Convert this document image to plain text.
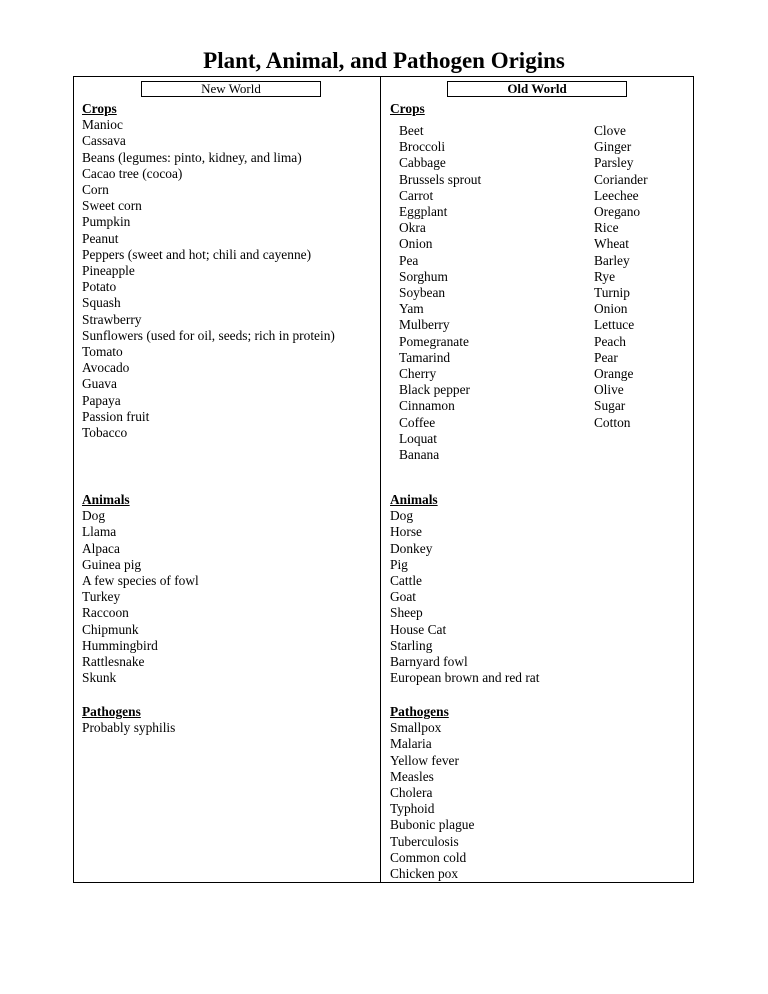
Plant, Animal, and Pathogen Origins
New World	Old World
Crops
Manioc
Cassava
Beans (legumes: pinto, kidney, and lima)
Cacao tree (cocoa)
Corn
Sweet corn
Pumpkin
Peanut
Peppers (sweet and hot; chili and cayenne)
Pineapple
Potato
Squash
Strawberry
Sunflowers (used for oil, seeds; rich in protein)
Tomato
Avocado
Guava
Papaya
Passion fruit
Tobacco
Animals
Dog
Llama
Alpaca
Guinea pig
A few species of fowl
Turkey
Raccoon
Chipmunk
Hummingbird
Rattlesnake
Skunk
Pathogens
Probably syphilis
Crops
Beet
Broccoli
Cabbage
Brussels sprout
Carrot
Eggplant
Okra
Onion
Pea
Sorghum
Soybean
Yam
Mulberry
Pomegranate
Tamarind
Cherry
Black pepper
Cinnamon
Coffee
Loquat
Banana
Clove
Ginger
Parsley
Coriander
Leechee
Oregano
Rice
Wheat
Barley
Rye
Turnip
Onion
Lettuce
Peach
Pear
Orange
Olive
Sugar
Cotton
Animals
Dog
Horse
Donkey
Pig
Cattle
Goat
Sheep
House Cat
Starling
Barnyard fowl
European brown and red rat
Pathogens
Smallpox
Malaria
Yellow fever
Measles
Cholera
Typhoid
Bubonic plague
Tuberculosis
Common cold
Chicken pox
